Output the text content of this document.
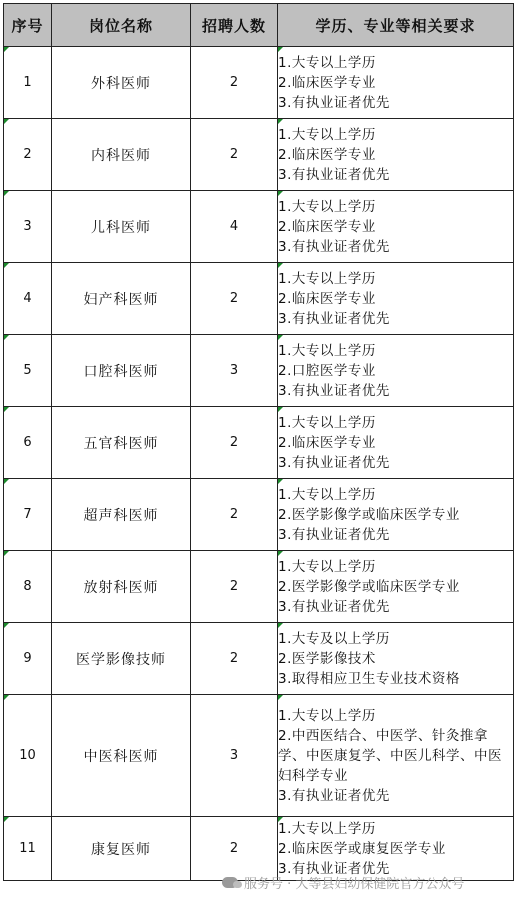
序号	岗位名称	招聘人数	学历、专业等相关要求

1	外科医师	2	1.大专以上学历
2.临床医学专业
3.有执业证者优先

2	内科医师	2	1.大专以上学历
2.临床医学专业
3.有执业证者优先

3	儿科医师	4	1.大专以上学历
2.临床医学专业
3.有执业证者优先

4	妇产科医师	2	1.大专以上学历
2.临床医学专业
3.有执业证者优先

5	口腔科医师	3	1.大专以上学历
2.口腔医学专业
3.有执业证者优先

6	五官科医师	2	1.大专以上学历
2.临床医学专业
3.有执业证者优先

7	超声科医师	2	1.大专以上学历
2.医学影像学或临床医学专业
3.有执业证者优先

8	放射科医师	2	1.大专以上学历
2.医学影像学或临床医学专业
3.有执业证者优先

9	医学影像技师	2	1.大专及以上学历
2.医学影像技术
3.取得相应卫生专业技术资格

10	中医科医师	3	1.大专以上学历
2.中西医结合、中医学、针灸推拿学、中医康复学、中医儿科学、中医妇科学专业
3.有执业证者优先

11	康复医师	2	1.大专以上学历
2.临床医学或康复医学专业
3.有执业证者优先
服务号 · 大等县妇幼保健院官方公众号
